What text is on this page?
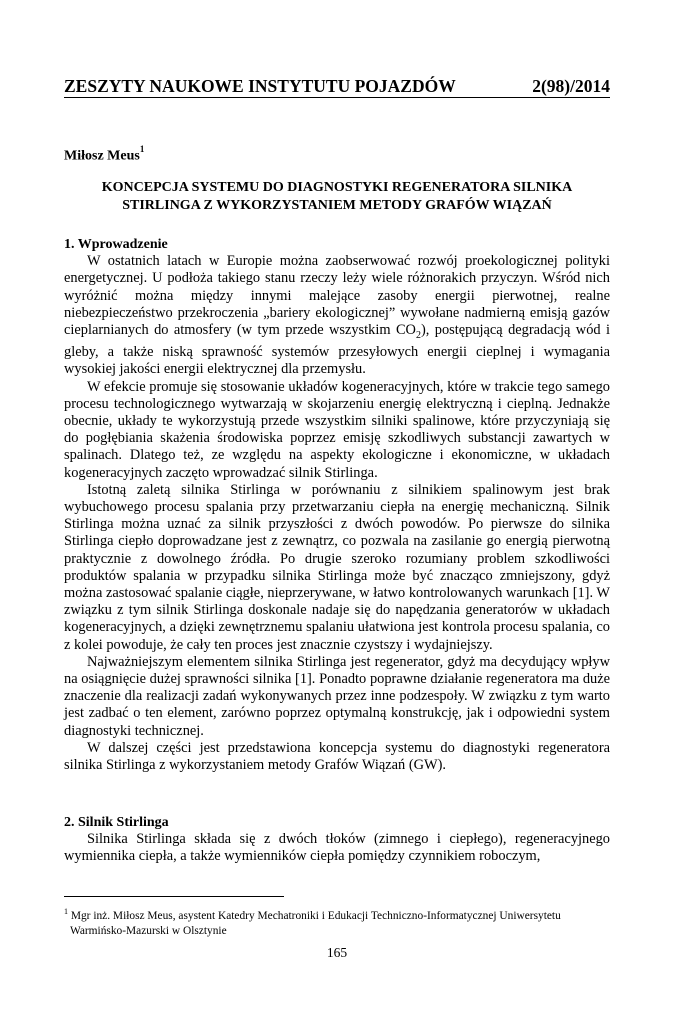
ZESZYTY NAUKOWE INSTYTUTU POJAZDÓW	2(98)/2014
Miłosz Meus$^1$
KONCEPCJA SYSTEMU DO DIAGNOSTYKI REGENERATORA SILNIKA
STIRLINGA Z WYKORZYSTANIEM METODY GRAFÓW WIĄZAŃ
1. Wprowadzenie

W ostatnich latach w Europie można zaobserwować rozwój proekologicznej polityki energetycznej. U podłoża takiego stanu rzeczy leży wiele różnorakich przyczyn. Wśród nich wyróżnić można między innymi malejące zasoby energii pierwotnej, realne niebezpieczeństwo przekroczenia „bariery ekologicznej” wywołane nadmierną emisją gazów cieplarnianych do atmosfery (w tym przede wszystkim $CO_2$), postępującą degradacją wód i gleby, a także niską sprawność systemów przesyłowych energii cieplnej i wymagania wysokiej jakości energii elektrycznej dla przemysłu.

W efekcie promuje się stosowanie układów kogeneracyjnych, które w trakcie tego samego procesu technologicznego wytwarzają w skojarzeniu energię elektryczną i cieplną. Jednakże obecnie, układy te wykorzystują przede wszystkim silniki spalinowe, które przyczyniają się do pogłębiania skażenia środowiska poprzez emisję szkodliwych substancji zawartych w spalinach. Dlatego też, ze względu na aspekty ekologiczne i ekonomiczne, w układach kogeneracyjnych zaczęto wprowadzać silnik Stirlinga.

Istotną zaletą silnika Stirlinga w porównaniu z silnikiem spalinowym jest brak wybuchowego procesu spalania przy przetwarzaniu ciepła na energię mechaniczną. Silnik Stirlinga można uznać za silnik przyszłości z dwóch powodów. Po pierwsze do silnika Stirlinga ciepło doprowadzane jest z zewnątrz, co pozwala na zasilanie go energią pierwotną praktycznie z dowolnego źródła. Po drugie szeroko rozumiany problem szkodliwości produktów spalania w przypadku silnika Stirlinga może być znacząco zmniejszony, gdyż można zastosować spalanie ciągłe, nieprzerywane, w łatwo kontrolowanych warunkach [1]. W związku z tym silnik Stirlinga doskonale nadaje się do napędzania generatorów w układach kogeneracyjnych, a dzięki zewnętrznemu spalaniu ułatwiona jest kontrola procesu spalania, co z kolei powoduje, że cały ten proces jest znacznie czystszy i wydajniejszy.

Najważniejszym elementem silnika Stirlinga jest regenerator, gdyż ma decydujący wpływ na osiągnięcie dużej sprawności silnika [1]. Ponadto poprawne działanie regeneratora ma duże znaczenie dla realizacji zadań wykonywanych przez inne podzespoły. W związku z tym warto jest zadbać o ten element, zarówno poprzez optymalną konstrukcję, jak i odpowiedni system diagnostyki technicznej.

W dalszej części jest przedstawiona koncepcja systemu do diagnostyki regeneratora silnika Stirlinga z wykorzystaniem metody Grafów Wiązań (GW).

2. Silnik Stirlinga

Silnika Stirlinga składa się z dwóch tłoków (zimnego i ciepłego), regeneracyjnego wymiennika ciepła, a także wymienników ciepła pomiędzy czynnikiem roboczym,

$^1$ Mgr inż. Miłosz Meus, asystent Katedry Mechatroniki i Edukacji Techniczno-Informatycznej Uniwersytetu
Warmińsko-Mazurski w Olsztynie
165
